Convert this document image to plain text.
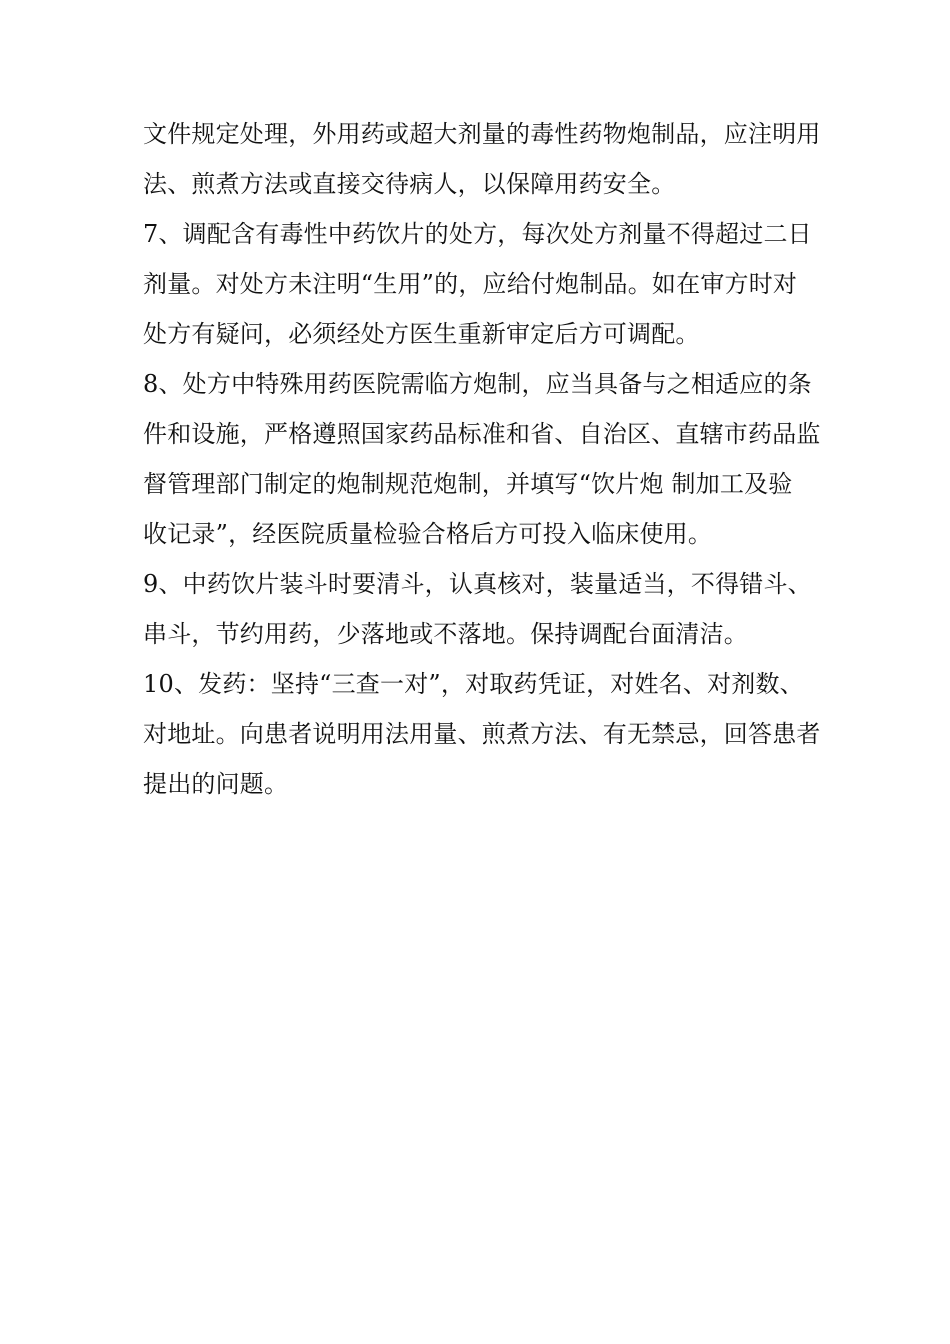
文件规定处理，外用药或超大剂量的毒性药物炮制品，应注明用
法、煎煮方法或直接交待病人，以保障用药安全。
7、调配含有毒性中药饮片的处方，每次处方剂量不得超过二日
剂量。对处方未注明“生用”的，应给付炮制品。如在审方时对
处方有疑问，必须经处方医生重新审定后方可调配。
8、处方中特殊用药医院需临方炮制，应当具备与之相适应的条
件和设施，严格遵照国家药品标准和省、自治区、直辖市药品监
督管理部门制定的炮制规范炮制，并填写“饮片炮 制加工及验
收记录”，经医院质量检验合格后方可投入临床使用。
9、中药饮片装斗时要清斗，认真核对，装量适当，不得错斗、
串斗，节约用药，少落地或不落地。保持调配台面清洁。
10、发药：坚持“三查一对”，对取药凭证，对姓名、对剂数、
对地址。向患者说明用法用量、煎煮方法、有无禁忌，回答患者
提出的问题。
